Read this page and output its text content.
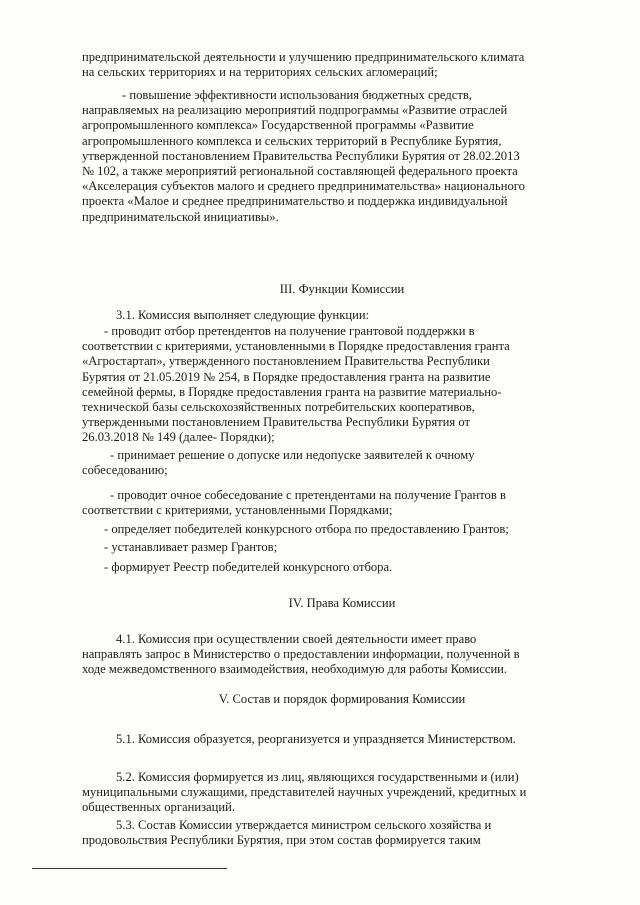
предпринимательской деятельности и улучшению предпринимательского климата
на сельских территориях и на территориях сельских агломераций;
- повышение эффективности использования бюджетных средств,
направляемых на реализацию мероприятий подпрограммы «Развитие отраслей
агропромышленного комплекса» Государственной программы «Развитие
агропромышленного комплекса и сельских территорий в Республике Бурятия,
утвержденной постановлением Правительства Республики Бурятия от 28.02.2013
№ 102, а также мероприятий региональной составляющей федерального проекта
«Акселерация субъектов малого и среднего предпринимательства» национального
проекта «Малое и среднее предпринимательство и поддержка индивидуальной
предпринимательской инициативы».
III. Функции Комиссии
3.1. Комиссия выполняет следующие функции:
- проводит отбор претендентов на получение грантовой поддержки в
соответствии с критериями, установленными в Порядке предоставления гранта
«Агростартап», утвержденного постановлением Правительства Республики
Бурятия от 21.05.2019 № 254, в Порядке предоставления гранта на развитие
семейной фермы, в Порядке предоставления гранта на развитие материально-
технической базы сельскохозяйственных потребительских кооперативов,
утвержденными постановлением Правительства Республики Бурятия от
26.03.2018 № 149 (далее- Порядки);
- принимает решение о допуске или недопуске заявителей к очному
собеседованию;
- проводит очное собеседование с претендентами на получение Грантов в
соответствии с критериями, установленными Порядками;
- определяет победителей конкурсного отбора по предоставлению Грантов;
- устанавливает размер Грантов;
- формирует Реестр победителей конкурсного отбора.
IV. Права Комиссии
4.1. Комиссия при осуществлении своей деятельности имеет право
направлять запрос в Министерство о предоставлении информации, полученной в
ходе межведомственного взаимодействия, необходимую для работы Комиссии.
V. Состав и порядок формирования Комиссии
5.1. Комиссия образуется, реорганизуется и упраздняется Министерством.
5.2. Комиссия формируется из лиц, являющихся государственными и (или)
муниципальными служащими, представителей научных учреждений, кредитных и
общественных организаций.
5.3. Состав Комиссии утверждается министром сельского хозяйства и
продовольствия Республики Бурятия, при этом состав формируется таким
